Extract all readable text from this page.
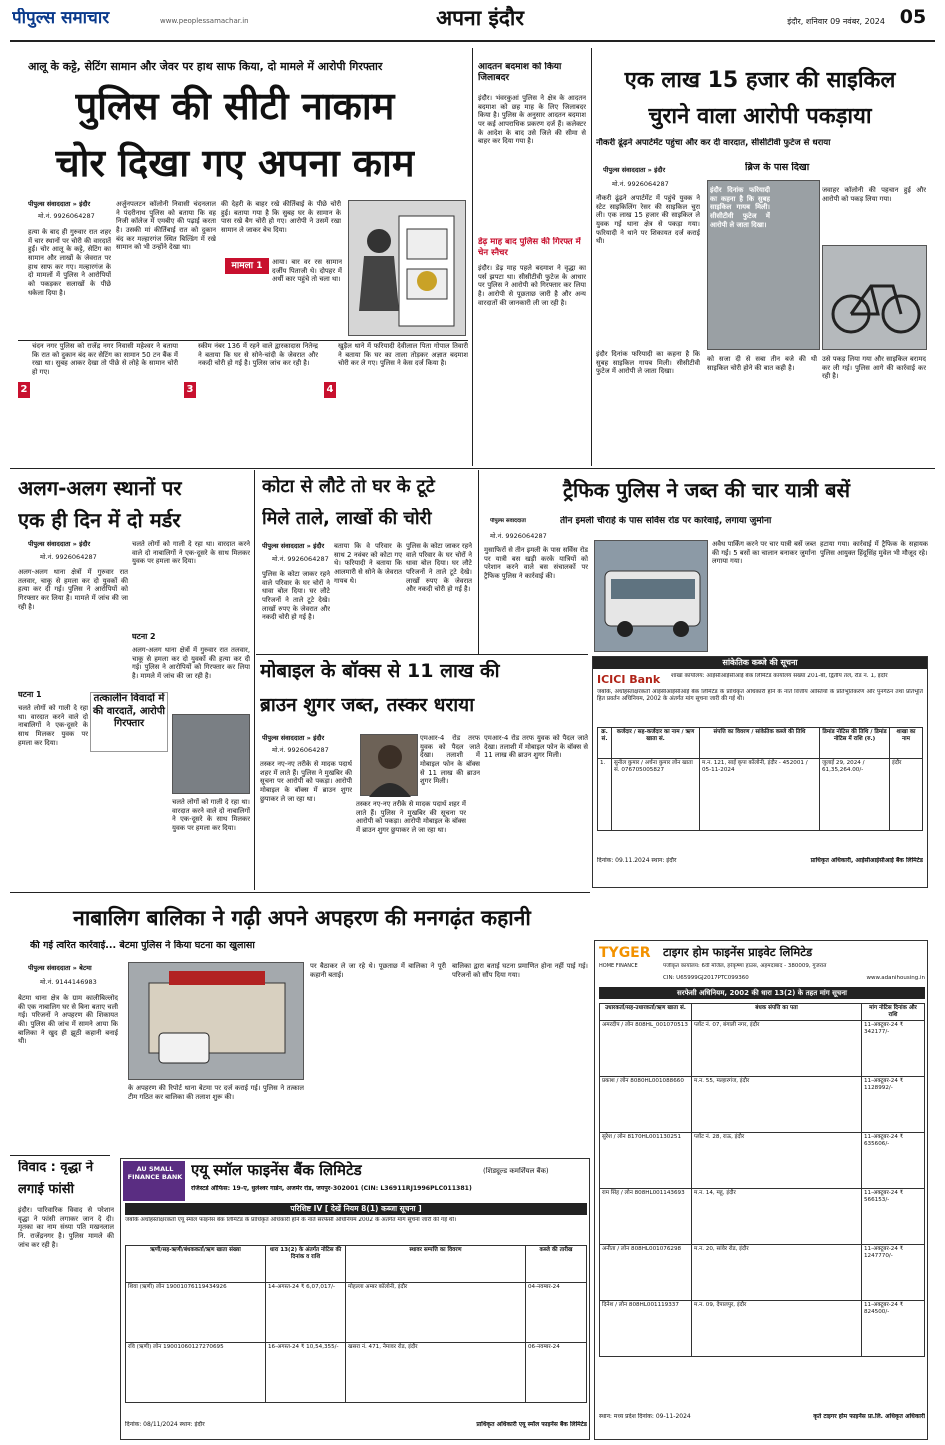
पीपुल्स समाचार	www.peoplessamachar.in	अपना इंदौर	इंदौर, शनिवार 09 नवंबर, 2024 05
आलू के कट्टे, सेटिंग सामान और जेवर पर हाथ साफ किया, दो मामले में आरोपी गिरफ्तार
पुलिस की सीटी नाकाम
चोर दिखा गए अपना काम
पीपुल्स संवाददाता » इंदौर
मो.नं. 9926064287
हत्या के बाद ही गुरुवार रात शहर में चार स्थानों पर चोरी की वारदातें हुईं। चोर आलू के कट्टे, सेटिंग का सामान और लाखों के जेवरात पर हाथ साफ कर गए। मल्हारगंज के दो मामलों में पुलिस ने आरोपियों को पकड़कर सलाखों के पीछे धकेला दिया है।
अर्जुनपलटन कॉलोनी निवासी चंदनलाल ने पंदरीनाथ पुलिस को बताया कि वह निजी कॉलेज में एमबीए की पढ़ाई करता है। उसकी मां कीर्तिबाई रात को दुकान बंद कर मल्हारगंज स्थित बिल्डिंग में रखे सामान को भी उन्होंने देखा था।
की देहरी के बाहर रखे कीर्तिबाई के पीछे चोरी हुई। बताया गया है कि सुबह घर के सामान के पास रखे बैग चोरी हो गए। आरोपी ने उसमें रखा सामान ले जाकर बेच दिया।
मामला 1	आया। बार वर रस सामान दर्जीय पिताजी थे। दोपहर में अर्थी कार पहुंचे तो चला था।
2
चंदन नगर पुलिस को राजेंद्र नगर निवासी महेश्वर ने बताया कि रात को दुकान बंद कर सेटिंग का सामान 50 टन बैंक में रखा था। सुबह आकर देखा तो पीछे से लोहे के सामान चोरी हो गए।
3
स्कीम नंबर 136 में रहने वाले द्वारकादास नितेन्द्र ने बताया कि घर से सोने-चांदी के जेवरात और नकदी चोरी हो गई है। पुलिस जांच कर रही है।
4
खुड़ैल थाने में फरियादी देवीलाल पिता गोपाल तिवारी ने बताया कि घर का ताला तोड़कर अज्ञात बदमाश चोरी कर ले गए। पुलिस ने केस दर्ज किया है।
आदतन बदमाश को किया जिलाबदर
इंदौर। भंवरकुआं पुलिस ने क्षेत्र के आदतन बदमाश को छह माह के लिए जिलाबदर किया है। पुलिस के अनुसार आदतन बदमाश पर कई आपराधिक प्रकरण दर्ज हैं। कलेक्टर के आदेश के बाद उसे जिले की सीमा से बाहर कर दिया गया है।
डेढ़ माह बाद पुलिस की गिरफ्त में चेन स्नैचर
इंदौर। डेढ़ माह पहले बदमाश ने वृद्धा का पर्स झपटा था। सीसीटीवी फुटेज के आधार पर पुलिस ने आरोपी को गिरफ्तार कर लिया है। आरोपी से पूछताछ जारी है और अन्य वारदातों की जानकारी ली जा रही है।
एक लाख 15 हजार की साइकिल
चुराने वाला आरोपी पकड़ाया
नौकरी ढूंढ़ने अपार्टमेंट पहुंचा और कर दी वारदात, सीसीटीवी फुटेज से धराया
पीपुल्स संवाददाता » इंदौर	ब्रिज के पास दिखा
मो.नं. 9926064287
नौकरी ढूंढ़ने अपार्टमेंट में पहुंचे युवक ने स्टेट साइकिलिंग रेसर की साइकिल चुरा ली। एक लाख 15 हजार की साइकिल ले युवक गई थाना क्षेत्र से पकड़ा गया। फरियादी ने थाने पर शिकायत दर्ज कराई थी।
इंदौर दिनांक फरियादी का कहना है कि सुबह साइकिल गायब मिली। सीसीटीवी फुटेज में आरोपी ले जाता दिखा।
जवाहर कॉलोनी की पहचान हुई और आरोपी को पकड़ लिया गया।
को सजा दी से सबा तीन बजे की थी साइकिल चोरी होने की बात कही है।
उसे पकड़ लिया गया और साइकिल बरामद कर ली गई। पुलिस आगे की कार्रवाई कर रही है।
इंदौर दिनांक फरियादी का कहना है कि सुबह साइकिल गायब मिली। सीसीटीवी फुटेज में आरोपी ले जाता दिखा।
अलग-अलग स्थानों पर
एक ही दिन में दो मर्डर
पीपुल्स संवाददाता » इंदौर
मो.नं. 9926064287
अलग-अलग थाना क्षेत्रों में गुरुवार रात तलवार, चाकू से हमला कर दो युवकों की हत्या कर दी गई। पुलिस ने आरोपियों को गिरफ्तार कर लिया है। मामले में जांच की जा रही है।
घटना 1
चलते लोगों को गाली दे रहा था। वारदात करने वाले दो नाबालिगों ने एक-दूसरे के साथ मिलकर युवक पर हमला कर दिया।
तत्कालीन विवादों में की वारदातें, आरोपी गिरफ्तार
चलते लोगों को गाली दे रहा था। वारदात करने वाले दो नाबालिगों ने एक-दूसरे के साथ मिलकर युवक पर हमला कर दिया।
घटना 2
अलग-अलग थाना क्षेत्रों में गुरुवार रात तलवार, चाकू से हमला कर दो युवकों की हत्या कर दी गई। पुलिस ने आरोपियों को गिरफ्तार कर लिया है। मामले में जांच की जा रही है।
चलते लोगों को गाली दे रहा था। वारदात करने वाले दो नाबालिगों ने एक-दूसरे के साथ मिलकर युवक पर हमला कर दिया।
कोटा से लौटे तो घर के टूटे
मिले ताले, लाखों की चोरी
पीपुल्स संवाददाता » इंदौर
मो.नं. 9926064287
पुलिस के कोटा जाकर रहने वाले परिवार के घर चोरों ने धावा बोल दिया। घर लौटे परिजनों ने ताले टूटे देखे। लाखों रुपए के जेवरात और नकदी चोरी हो गई है।
बताया कि वे परिवार के साथ 2 नवंबर को कोटा गए थे। फरियादी ने बताया कि आलमारी से सोने के जेवरात गायब थे।
पुलिस के कोटा जाकर रहने वाले परिवार के घर चोरों ने धावा बोल दिया। घर लौटे परिजनों ने ताले टूटे देखे। लाखों रुपए के जेवरात और नकदी चोरी हो गई है।
मोबाइल के बॉक्स से 11 लाख की
ब्राउन शुगर जब्त, तस्कर धराया
पीपुल्स संवाददाता » इंदौर
मो.नं. 9926064287
तस्कर नए-नए तरीके से मादक पदार्थ शहर में लाते हैं। पुलिस ने मुखबिर की सूचना पर आरोपी को पकड़ा। आरोपी मोबाइल के बॉक्स में ब्राउन शुगर छुपाकर ले जा रहा था।
तस्कर नए-नए तरीके से मादक पदार्थ शहर में लाते हैं। पुलिस ने मुखबिर की सूचना पर आरोपी को पकड़ा। आरोपी मोबाइल के बॉक्स में ब्राउन शुगर छुपाकर ले जा रहा था।
एमआर-4 रोड तरफ युवक को पैदल जाते देखा। तलाशी में मोबाइल फोन के बॉक्स से 11 लाख की ब्राउन शुगर मिली।
एमआर-4 रोड तरफ युवक को पैदल जाते देखा। तलाशी में मोबाइल फोन के बॉक्स से 11 लाख की ब्राउन शुगर मिली।
ट्रैफिक पुलिस ने जब्त की चार यात्री बसें
तीन इमली चौराहे के पास सर्विस रोड पर कार्रवाई, लगाया जुर्माना
पीपुल्स संवाददाता
मो.नं. 9926064287
मुसाफिरों से तीन इमली के पास सर्विस रोड पर यात्री बस खड़ी करके यात्रियों को परेशान करने वाले बस संचालकों पर ट्रैफिक पुलिस ने कार्रवाई की।
अवैध पार्किंग करने पर चार यात्री बसें जब्त की गईं। 5 बसों का चालान बनाकर जुर्माना लगाया गया।
हटाया गया। कार्रवाई में ट्रैफिक के सहायक पुलिस आयुक्त हिंदूसिंह मुवेल भी मौजूद रहे।
सांकेतिक कब्जे की सूचना
ICICI Bank	शाखा कार्यालय: आईसीआईसीआई बैंक लिमिटेड कार्यालय संख्या 201-बी, द्वितीय तल, रोड नं. 1, इंदौर
जबकि, अधोहस्ताक्षरकर्ता आईसीआईसीआई बैंक लिमिटेड के प्राधिकृत अधिकारी होने के नाते वित्तीय आस्तियों के प्रतिभूतिकरण और पुनर्गठन तथा प्रतिभूति हित प्रवर्तन अधिनियम, 2002 के अंतर्गत मांग सूचना जारी की गई थी।
क्र. सं.	कर्जदार / सह-कर्जदार का नाम / ऋण खाता सं.	संपत्ति का विवरण / सांकेतिक कब्जे की तिथि	डिमांड नोटिस की तिथि / डिमांड नोटिस में राशि (रु.)	शाखा का नाम
1.	सुनील कुमार / अर्चना कुमार लोन खाता सं. 076705005827	म.न. 121, साई कृपा कॉलोनी, इंदौर - 452001 / 05-11-2024	जुलाई 29, 2024 / 61,35,264.00/-	इंदौर
दिनांक: 09.11.2024 स्थान: इंदौर	प्राधिकृत अधिकारी, आईसीआईसीआई बैंक लिमिटेड
नाबालिग बालिका ने गढ़ी अपने अपहरण की मनगढ़ंत कहानी
की गई त्वरित कार्रवाई... बेटमा पुलिस ने किया घटना का खुलासा
पीपुल्स संवाददाता » बेटमा
मो.नं. 9144146983
बेटमा थाना क्षेत्र के ग्राम कालीबिल्लोद की एक नाबालिग घर से बिना बताए चली गई। परिजनों ने अपहरण की शिकायत की। पुलिस की जांच में सामने आया कि बालिका ने खुद ही झूठी कहानी बनाई थी।
के अपहरण की रिपोर्ट थाना बेटमा पर दर्ज कराई गई। पुलिस ने तत्काल टीम गठित कर बालिका की तलाश शुरू की।
पर बैठाकर ले जा रहे थे। पूछताछ में बालिका ने पूरी कहानी बताई।
बालिका द्वारा बताई घटना प्रमाणित होना नहीं पाई गई। परिजनों को सौंप दिया गया।
विवाद : वृद्धा ने
लगाई फांसी
इंदौर। पारिवारिक विवाद से परेशान वृद्धा ने फांसी लगाकर जान दे दी। मृतका का नाम संध्या पति मखनलाल नि. राजेंद्रनगर है। पुलिस मामले की जांच कर रही है।
AU SMALL FINANCE BANK एयू स्मॉल फाइनेंस बैंक लिमिटेड	(शिड्यूल्ड कमर्शियल बैंक)
रजिस्टर्ड ऑफिस: 19-ए, धुलेश्वर गार्डन, अजमेर रोड, जयपुर-302001 (CIN: L36911RJ1996PLC011381)
परिशिष्ट IV [ देखें नियम 8(1) कब्जा सूचना ]
जबकि अधोहस्ताक्षरकर्ता एयू स्मॉल फाइनेंस बैंक लिमिटेड के प्राधिकृत अधिकारी होने के नाते सरफेसी अधिनियम 2002 के अंतर्गत मांग सूचना जारी की गई थी।
ऋणी/सह-ऋणी/बंधककर्ता/ऋण खाता संख्या	धारा 13(2) के अंतर्गत नोटिस की दिनांक व राशि	स्थावर सम्पत्ति का विवरण	कब्जे की तारीख
शिवा (ऋणी) लोन 19001076119434926	14-अगस्त-24 ₹ 6,07,017/-	मोहल्ला अम्बर कॉलोनी, इंदौर	04-नवम्बर-24
रवि (ऋणी) लोन 19001060127270695	16-अगस्त-24 ₹ 10,54,355/-	खसरा नं. 471, नेमावर रोड, इंदौर	06-नवम्बर-24
दिनांक: 08/11/2024 स्थान: इंदौर	प्राधिकृत अधिकारी एयू स्मॉल फाइनेंस बैंक लिमिटेड
TYGER
HOME FINANCE
टाइगर होम फाइनेंस प्राइवेट लिमिटेड
पंजीकृत कार्यालय: 6वीं मंजिल, हरेकृष्णा हाउस, अहमदाबाद - 380009, गुजरात
CIN: U65999GJ2017PTC099360	www.adanihousing.in
सरफेसी अधिनियम, 2002 की धारा 13(2) के तहत मांग सूचना
उधारकर्ता/सह-उधारकर्ता/ऋण खाता सं.	बंधक संपत्ति का पता	मांग नोटिस दिनांक और राशि
अमरदीप / लोन 808HL_001070513	प्लॉट नं. 07, बंगाली नगर, इंदौर	11-अक्टूबर-24 ₹ 342177/-
प्रकाश / लोन 8080HL001088660	म.न. 55, मल्हारगंज, इंदौर	11-अक्टूबर-24 ₹ 1128992/-
सुरेश / लोन 8170HL001130251	प्लॉट नं. 28, राऊ, इंदौर	11-अक्टूबर-24 ₹ 635606/-
राम सिंह / लोन 808HL001143693	म.न. 14, महू, इंदौर	11-अक्टूबर-24 ₹ 566153/-
अनीता / लोन 808HL001076298	म.न. 20, सांवेर रोड, इंदौर	11-अक्टूबर-24 ₹ 1247770/-
दिनेश / लोन 808HL001119337	म.न. 09, देपालपुर, इंदौर	11-अक्टूबर-24 ₹ 824500/-
स्थान: मध्य प्रदेश दिनांक: 09-11-2024	कृते टाइगर होम फाइनेंस प्रा.लि. अधिकृत अधिकारी
